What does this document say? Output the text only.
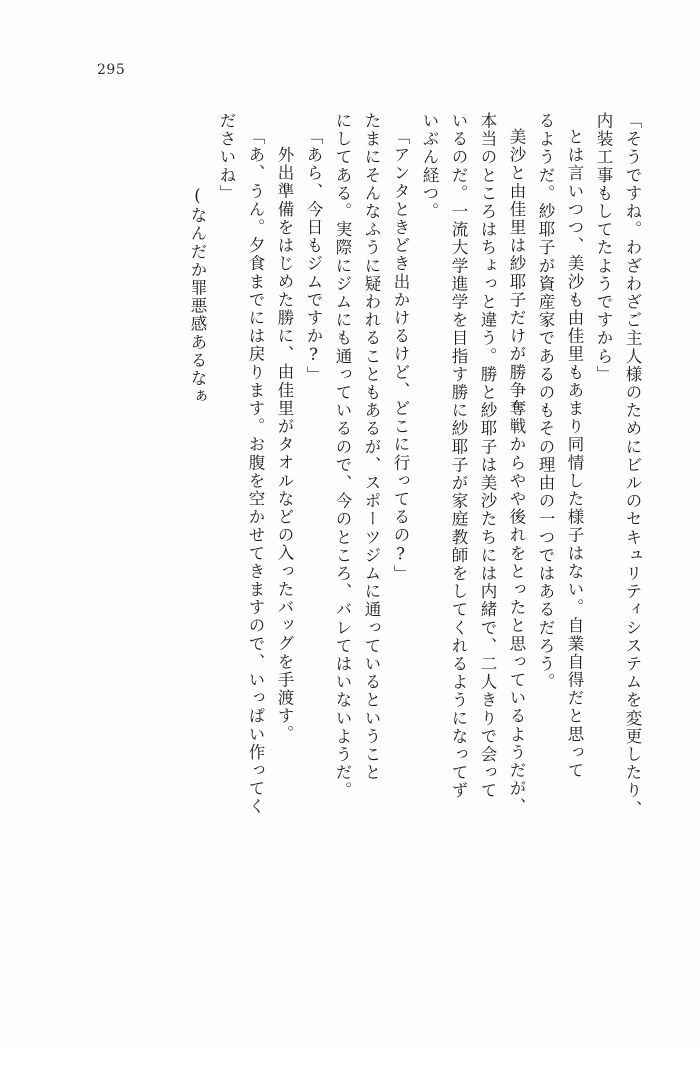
295
「そうですね。わざわざご主人様のためにビルのセキュリティシステムを変更したり、
内装工事もしてたようですから」
とは言いつつ、美沙も由佳里もあまり同情した様子はない。自業自得だと思って
るようだ。紗耶子が資産家であるのもその理由の一つではあるだろう。
美沙と由佳里は紗耶子だけが勝争奪戦からやや後れをとったと思っているようだが、
本当のところはちょっと違う。勝と紗耶子は美沙たちには内緒で、二人きりで会って
いるのだ。一流大学進学を目指す勝に紗耶子が家庭教師をしてくれるようになってず
いぶん経つ。
「アンタときどき出かけるけど、どこに行ってるの?」
たまにそんなふうに疑われることもあるが、スポーツジムに通っているということ
にしてある。実際にジムにも通っているので、今のところ、バレてはいないようだ。
「あら、今日もジムですか?」
外出準備をはじめた勝に、由佳里がタオルなどの入ったバッグを手渡す。
「あ、うん。夕食までには戻ります。お腹を空かせてきますので、いっぱい作ってく
ださいね」
(なんだか罪悪感あるなぁ
